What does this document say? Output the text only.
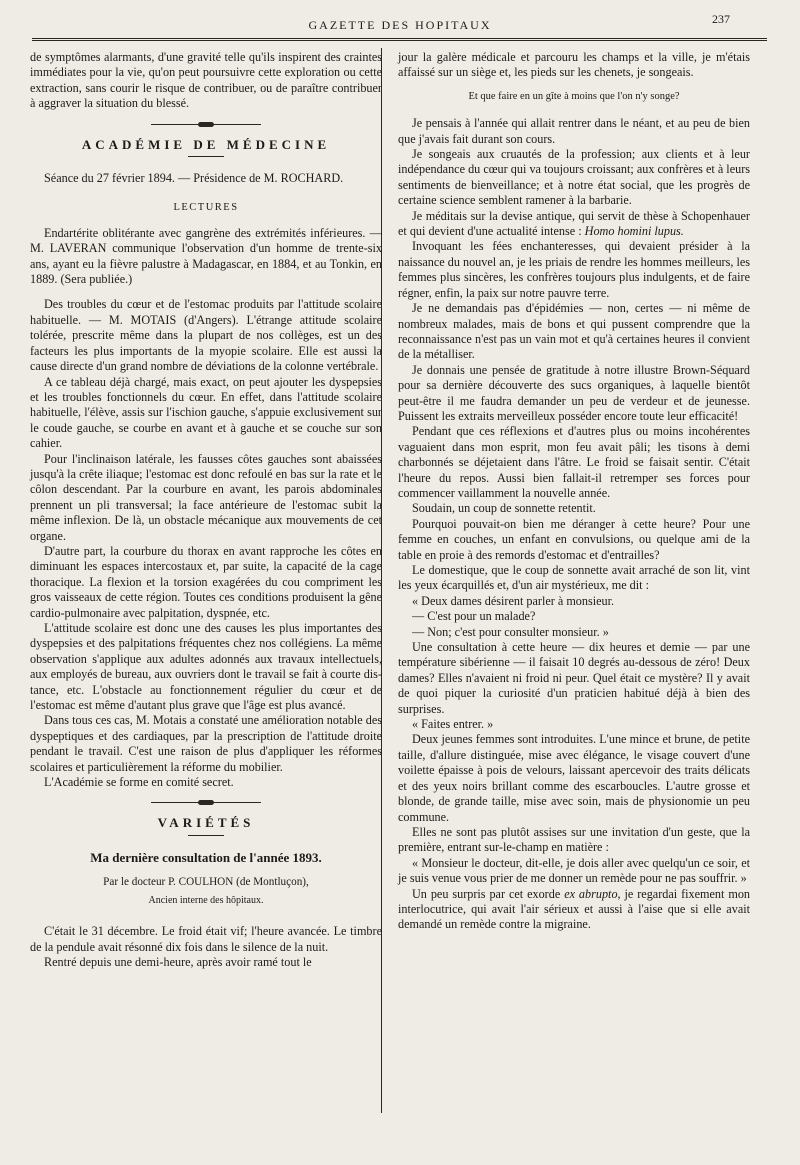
GAZETTE DES HOPITAUX	237

de symptômes alarmants, d'une gravité telle qu'ils inspirent des craintes immédiates pour la vie, qu'on peut poursuivre cette exploration ou cette extraction, sans courir le risque de contribuer, ou de paraître contribuer à aggraver la situation du blessé.

ACADÉMIE DE MÉDECINE

Séance du 27 février 1894. — Présidence de M. ROCHARD.

LECTURES

Endartérite oblitérante avec gangrène des extrémités inférieures. — M. LAVERAN communique l'observation d'un homme de trente-six ans, ayant eu la fièvre palustre à Madagascar, en 1884, et au Tonkin, en 1889. (Sera publiée.)

Des troubles du cœur et de l'estomac produits par l'attitude scolaire habituelle. — M. MOTAIS (d'Angers). L'étrange attitude scolaire tolérée, prescrite même dans la plupart de nos collèges, est un des facteurs les plus importants de la myopie scolaire. Elle est aussi la cause directe d'un grand nombre de déviations de la colonne vertébrale.

A ce tableau déjà chargé, mais exact, on peut ajouter les dyspepsies et les troubles fonctionnels du cœur. En effet, dans l'attitude scolaire habituelle, l'élève, assis sur l'ischion gauche, s'appuie exclusivement sur le coude gauche, se courbe en avant et à gauche et se couche sur son cahier.

Pour l'inclinaison latérale, les fausses côtes gauches sont abaissées jusqu'à la crête iliaque; l'estomac est donc refoulé en bas sur la rate et le côlon descendant. Par la courbure en avant, les parois abdominales prennent un pli transversal; la face antérieure de l'estomac subit la même inflexion. De là, un obstacle mécanique aux mouvements de cet organe.

D'autre part, la courbure du thorax en avant rapproche les côtes en diminuant les espaces intercostaux et, par suite, la capacité de la cage thoracique. La flexion et la torsion exagérées du cou compriment les gros vaisseaux de cette région. Toutes ces conditions produisent la gêne cardio-pulmonaire avec palpitation, dyspnée, etc.

L'attitude scolaire est donc une des causes les plus importantes des dyspepsies et des palpitations fréquentes chez nos collégiens. La même observation s'applique aux adultes adonnés aux travaux intellectuels, aux employés de bureau, aux ouvriers dont le travail se fait à courte distance, etc. L'obstacle au fonctionnement régulier du cœur et de l'estomac est même d'autant plus grave que l'âge est plus avancé.

Dans tous ces cas, M. Motais a constaté une amélioration notable des dyspeptiques et des cardiaques, par la prescription de l'attitude droite pendant le travail. C'est une raison de plus d'appliquer les réformes scolaires et particulièrement la réforme du mobilier.

L'Académie se forme en comité secret.

VARIÉTÉS
Ma dernière consultation de l'année 1893.
Par le docteur P. COULHON (de Montluçon),
Ancien interne des hôpitaux.

C'était le 31 décembre. Le froid était vif; l'heure avancée. Le timbre de la pendule avait résonné dix fois dans le silence de la nuit.

Rentré depuis une demi-heure, après avoir ramé tout le

jour la galère médicale et parcouru les champs et la ville, je m'étais affaissé sur un siège et, les pieds sur les chenets, je songeais.

Et que faire en un gîte à moins que l'on n'y songe?

Je pensais à l'année qui allait rentrer dans le néant, et au peu de bien que j'avais fait durant son cours.

Je songeais aux cruautés de la profession; aux clients et à leur indépendance du cœur qui va toujours croissant; aux confrères et à leurs sentiments de bienveillance; et à notre état social, que les progrès de certaine science semblent ramener à la barbarie.

Je méditais sur la devise antique, qui servit de thèse à Schopenhauer et qui devient d'une actualité intense : Homo homini lupus.

Invoquant les fées enchanteresses, qui devaient présider à la naissance du nouvel an, je les priais de rendre les hommes meilleurs, les femmes plus sincères, les confrères toujours plus indulgents, et de faire régner, enfin, la paix sur notre pauvre terre.

Je ne demandais pas d'épidémies — non, certes — ni même de nombreux malades, mais de bons et qui pussent comprendre que la reconnaissance n'est pas un vain mot et qu'à certaines heures il convient de la métalliser.

Je donnais une pensée de gratitude à notre illustre Brown-Séquard pour sa dernière découverte des sucs organiques, à laquelle bientôt peut-être il me faudra demander un peu de verdeur et de jeunesse. Puissent les extraits merveilleux posséder encore toute leur efficacité!

Pendant que ces réflexions et d'autres plus ou moins incohérentes vaguaient dans mon esprit, mon feu avait pâli; les tisons à demi charbonnés se déjetaient dans l'âtre. Le froid se faisait sentir. C'était l'heure du repos. Aussi bien fallait-il retremper ses forces pour commencer vaillamment la nouvelle année.

Soudain, un coup de sonnette retentit.

Pourquoi pouvait-on bien me déranger à cette heure? Pour une femme en couches, un enfant en convulsions, ou quelque ami de la table en proie à des remords d'estomac et d'entrailles?

Le domestique, que le coup de sonnette avait arraché de son lit, vint les yeux écarquillés et, d'un air mystérieux, me dit :

« Deux dames désirent parler à monsieur.

— C'est pour un malade?

— Non; c'est pour consulter monsieur. »

Une consultation à cette heure — dix heures et demie — par une température sibérienne — il faisait 10 degrés au-dessous de zéro! Deux dames? Elles n'avaient ni froid ni peur. Quel était ce mystère? Il y avait de quoi piquer la curiosité d'un praticien habitué déjà à bien des surprises.

« Faites entrer. »

Deux jeunes femmes sont introduites. L'une mince et brune, de petite taille, d'allure distinguée, mise avec élégance, le visage couvert d'une voilette épaisse à pois de velours, laissant apercevoir des traits délicats et des yeux noirs brillant comme des escarboucles. L'autre grosse et blonde, de grande taille, mise avec soin, mais de physionomie un peu commune.

Elles ne sont pas plutôt assises sur une invitation d'un geste, que la première, entrant sur-le-champ en matière :

« Monsieur le docteur, dit-elle, je dois aller avec quelqu'un ce soir, et je suis venue vous prier de me donner un remède pour ne pas souffrir. »

Un peu surpris par cet exorde ex abrupto, je regardai fixement mon interlocutrice, qui avait l'air sérieux et aussi à l'aise que si elle avait demandé un remède contre la migraine.
